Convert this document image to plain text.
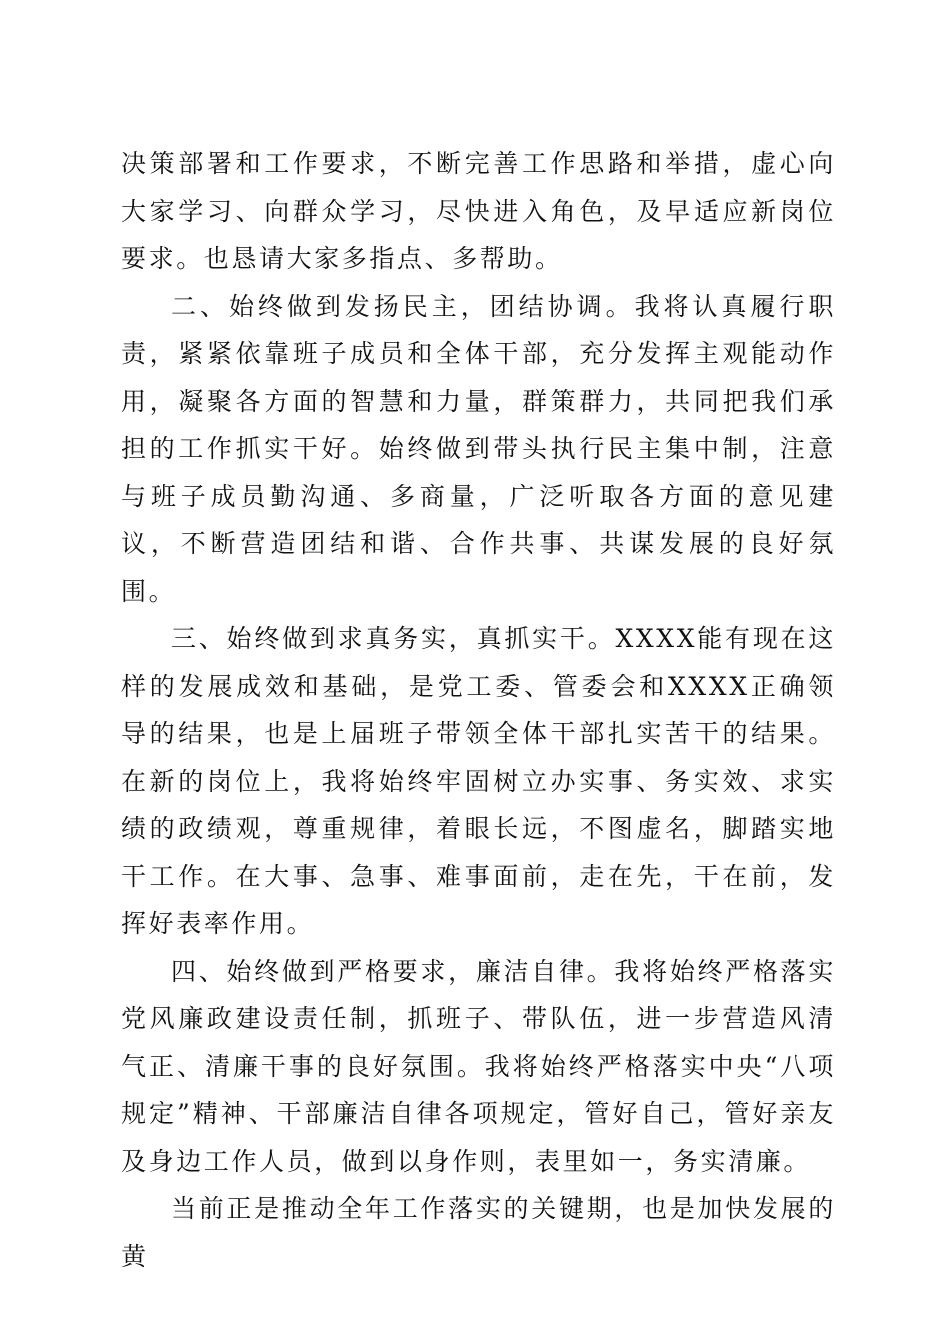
决策部署和工作要求，不断完善工作思路和举措，虚心向大家学习、向群众学习，尽快进入角色，及早适应新岗位要求。也恳请大家多指点、多帮助。

二、始终做到发扬民主，团结协调。我将认真履行职责，紧紧依靠班子成员和全体干部，充分发挥主观能动作用，凝聚各方面的智慧和力量，群策群力，共同把我们承担的工作抓实干好。始终做到带头执行民主集中制，注意与班子成员勤沟通、多商量，广泛听取各方面的意见建议，不断营造团结和谐、合作共事、共谋发展的良好氛围。

三、始终做到求真务实，真抓实干。XXXX能有现在这样的发展成效和基础，是党工委、管委会和XXXX正确领导的结果，也是上届班子带领全体干部扎实苦干的结果。在新的岗位上，我将始终牢固树立办实事、务实效、求实绩的政绩观，尊重规律，着眼长远，不图虚名，脚踏实地干工作。在大事、急事、难事面前，走在先，干在前，发挥好表率作用。

四、始终做到严格要求，廉洁自律。我将始终严格落实党风廉政建设责任制，抓班子、带队伍，进一步营造风清气正、清廉干事的良好氛围。我将始终严格落实中央“八项规定”精神、干部廉洁自律各项规定，管好自己，管好亲友及身边工作人员，做到以身作则，表里如一，务实清廉。

当前正是推动全年工作落实的关键期，也是加快发展的黄
